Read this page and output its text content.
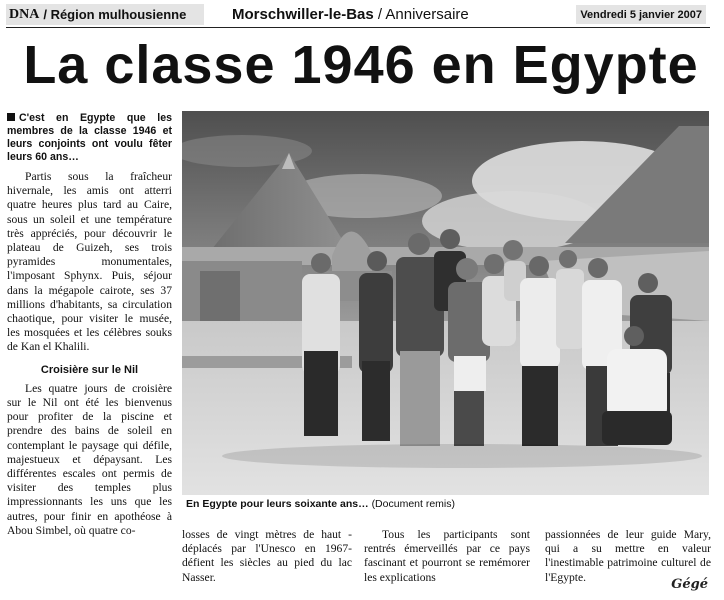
DNA / Région mulhousienne	Morschwiller-le-Bas
/ Anniversaire	Vendredi 5 janvier 2007
La classe 1946 en Egypte
C'est en Egypte que les membres de la classe 1946 et leurs conjoints ont voulu fêter leurs 60 ans…

Partis sous la fraîcheur hivernale, les amis ont atterri quatre heures plus tard au Caire, sous un soleil et une température très appréciés, pour découvrir le plateau de Guizeh, ses trois pyramides monumentales, l'imposant Sphynx. Puis, séjour dans la mégapole cairote, ses 37 millions d'habitants, sa circulation chaotique, pour visiter le musée, les mosquées et les célèbres souks de Kan el Khalili.

Croisière sur le Nil

Les quatre jours de croisière sur le Nil ont été les bienvenus pour profiter de la piscine et prendre des bains de soleil en contemplant le paysage qui défile, majestueux et dépaysant. Les différentes escales ont permis de visiter des temples plus impressionnants les uns que les autres, pour finir en apothéose à Abou Simbel, où quatre co-

En Egypte pour leurs soixante ans… (Document remis)

losses de vingt mètres de haut -déplacés par l'Unesco en 1967- défient les siècles au pied du lac Nasser.

Tous les participants sont rentrés émerveillés par ce pays fascinant et pourront se remémorer les explications

passionnées de leur guide Mary, qui a su mettre en valeur l'inestimable patrimoine culturel de l'Egypte.	Gégé
